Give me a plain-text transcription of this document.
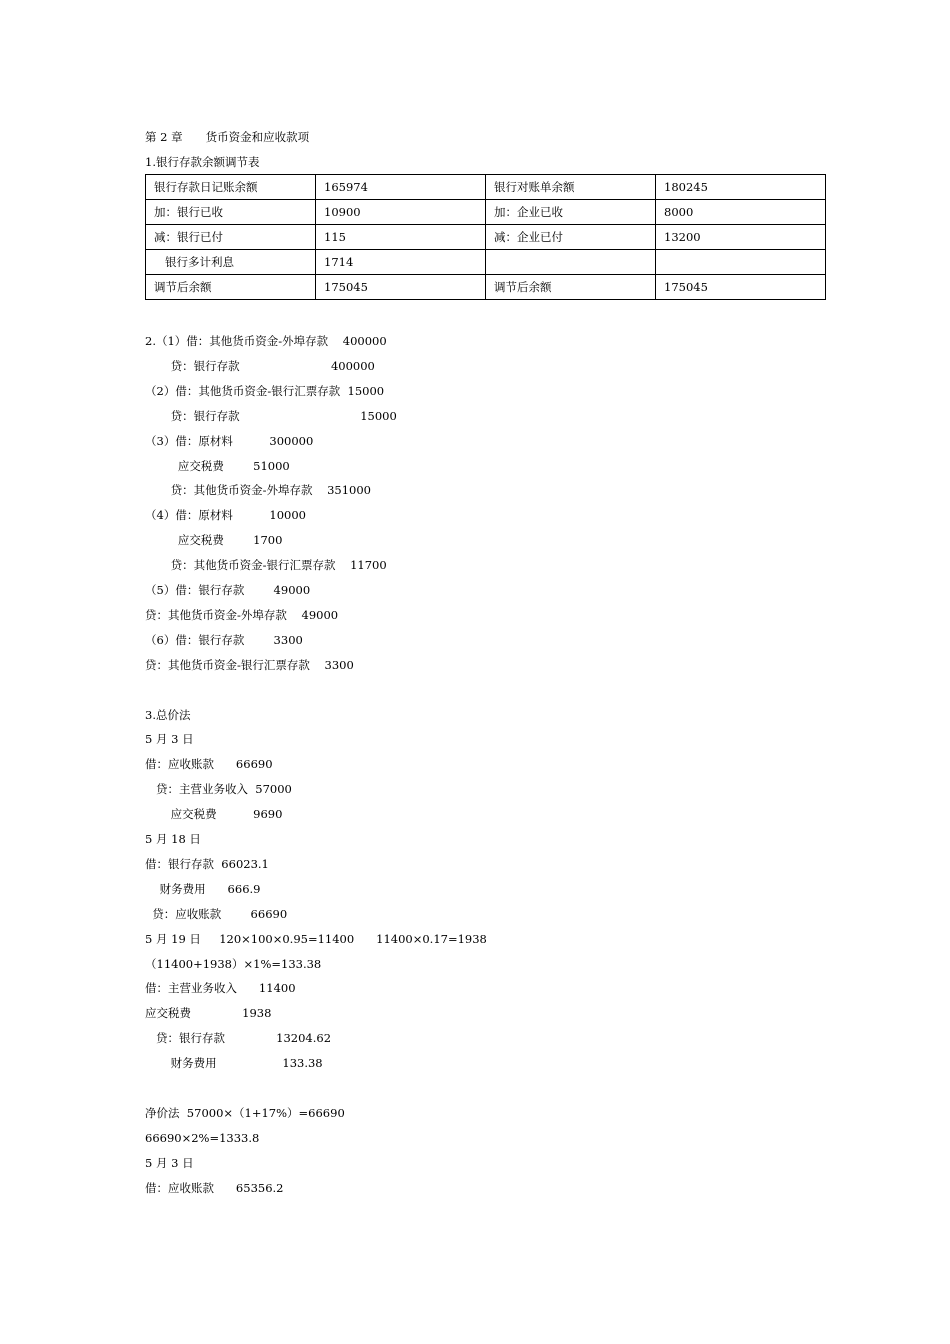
第 2 章　　货币资金和应收款项
1.银行存款余额调节表
银行存款日记账余额	165974	银行对账单余额	180245
加：银行已收	10900	加：企业已收	8000
减：银行已付	115	减：企业已付	13200
银行多计利息	1714		
调节后余额	175045	调节后余额	175045
2.（1）借：其他货币资金-外埠存款    400000
贷：银行存款                         400000
（2）借：其他货币资金-银行汇票存款  15000
贷：银行存款                                 15000
（3）借：原材料          300000
应交税费        51000
贷：其他货币资金-外埠存款    351000
（4）借：原材料          10000
应交税费        1700
贷：其他货币资金-银行汇票存款    11700
（5）借：银行存款        49000
贷：其他货币资金-外埠存款    49000
（6）借：银行存款        3300
贷：其他货币资金-银行汇票存款    3300
3.总价法
5 月 3 日
借：应收账款      66690
贷：主营业务收入  57000
应交税费          9690
5 月 18 日
借：银行存款  66023.1
财务费用      666.9
贷：应收账款        66690
5 月 19 日     120×100×0.95=11400      11400×0.17=1938
（11400+1938）×1%=133.38
借：主营业务收入      11400
应交税费              1938
贷：银行存款              13204.62
财务费用                  133.38
净价法  57000×（1+17%）=66690
66690×2%=1333.8
5 月 3 日
借：应收账款      65356.2
